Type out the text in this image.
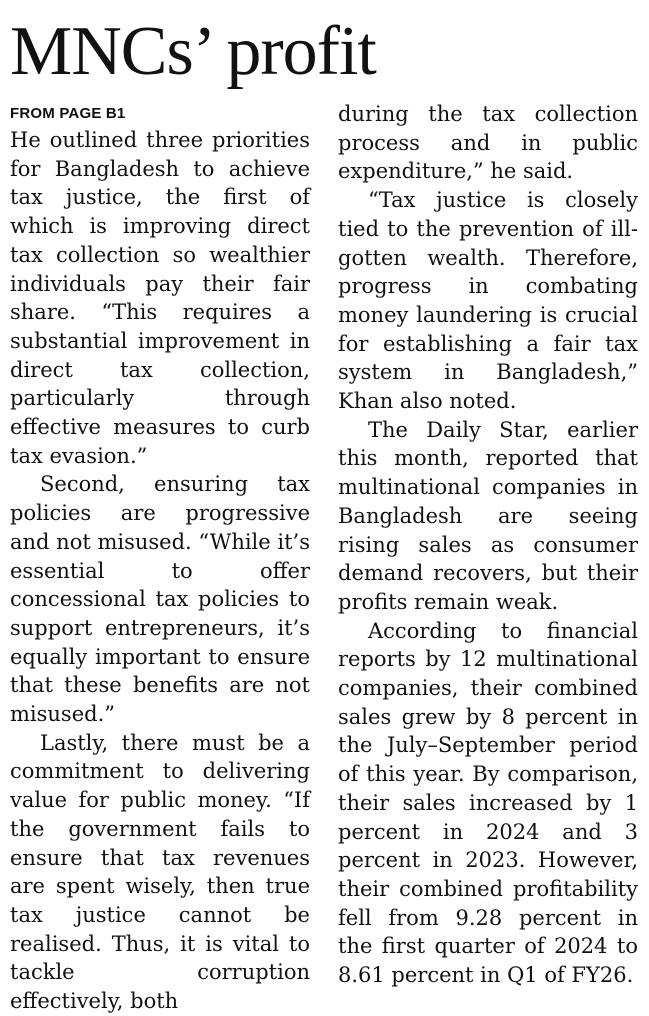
MNCs’ profit
FROM PAGE B1

He outlined three priorities for Bangladesh to achieve tax justice, the first of which is improving direct tax collection so wealthier individuals pay their fair share. “This requires a substantial improvement in direct tax collection, particularly through effective measures to curb tax evasion.”

Second, ensuring tax policies are progressive and not misused. “While it’s essential to offer concessional tax policies to support entrepreneurs, it’s equally important to ensure that these benefits are not misused.”

Lastly, there must be a commitment to delivering value for public money. “If the government fails to ensure that tax revenues are spent wisely, then true tax justice cannot be realised. Thus, it is vital to tackle corruption effectively, both

during the tax collection process and in public expenditure,” he said.

“Tax justice is closely tied to the prevention of ill-gotten wealth. Therefore, progress in combating money laundering is crucial for establishing a fair tax system in Bangladesh,” Khan also noted.

The Daily Star, earlier this month, reported that multinational companies in Bangladesh are seeing rising sales as consumer demand recovers, but their profits remain weak.

According to financial reports by 12 multinational companies, their combined sales grew by 8 percent in the July–September period of this year. By comparison, their sales increased by 1 percent in 2024 and 3 percent in 2023. However, their combined profitability fell from 9.28 percent in the first quarter of 2024 to 8.61 percent in Q1 of FY26.
